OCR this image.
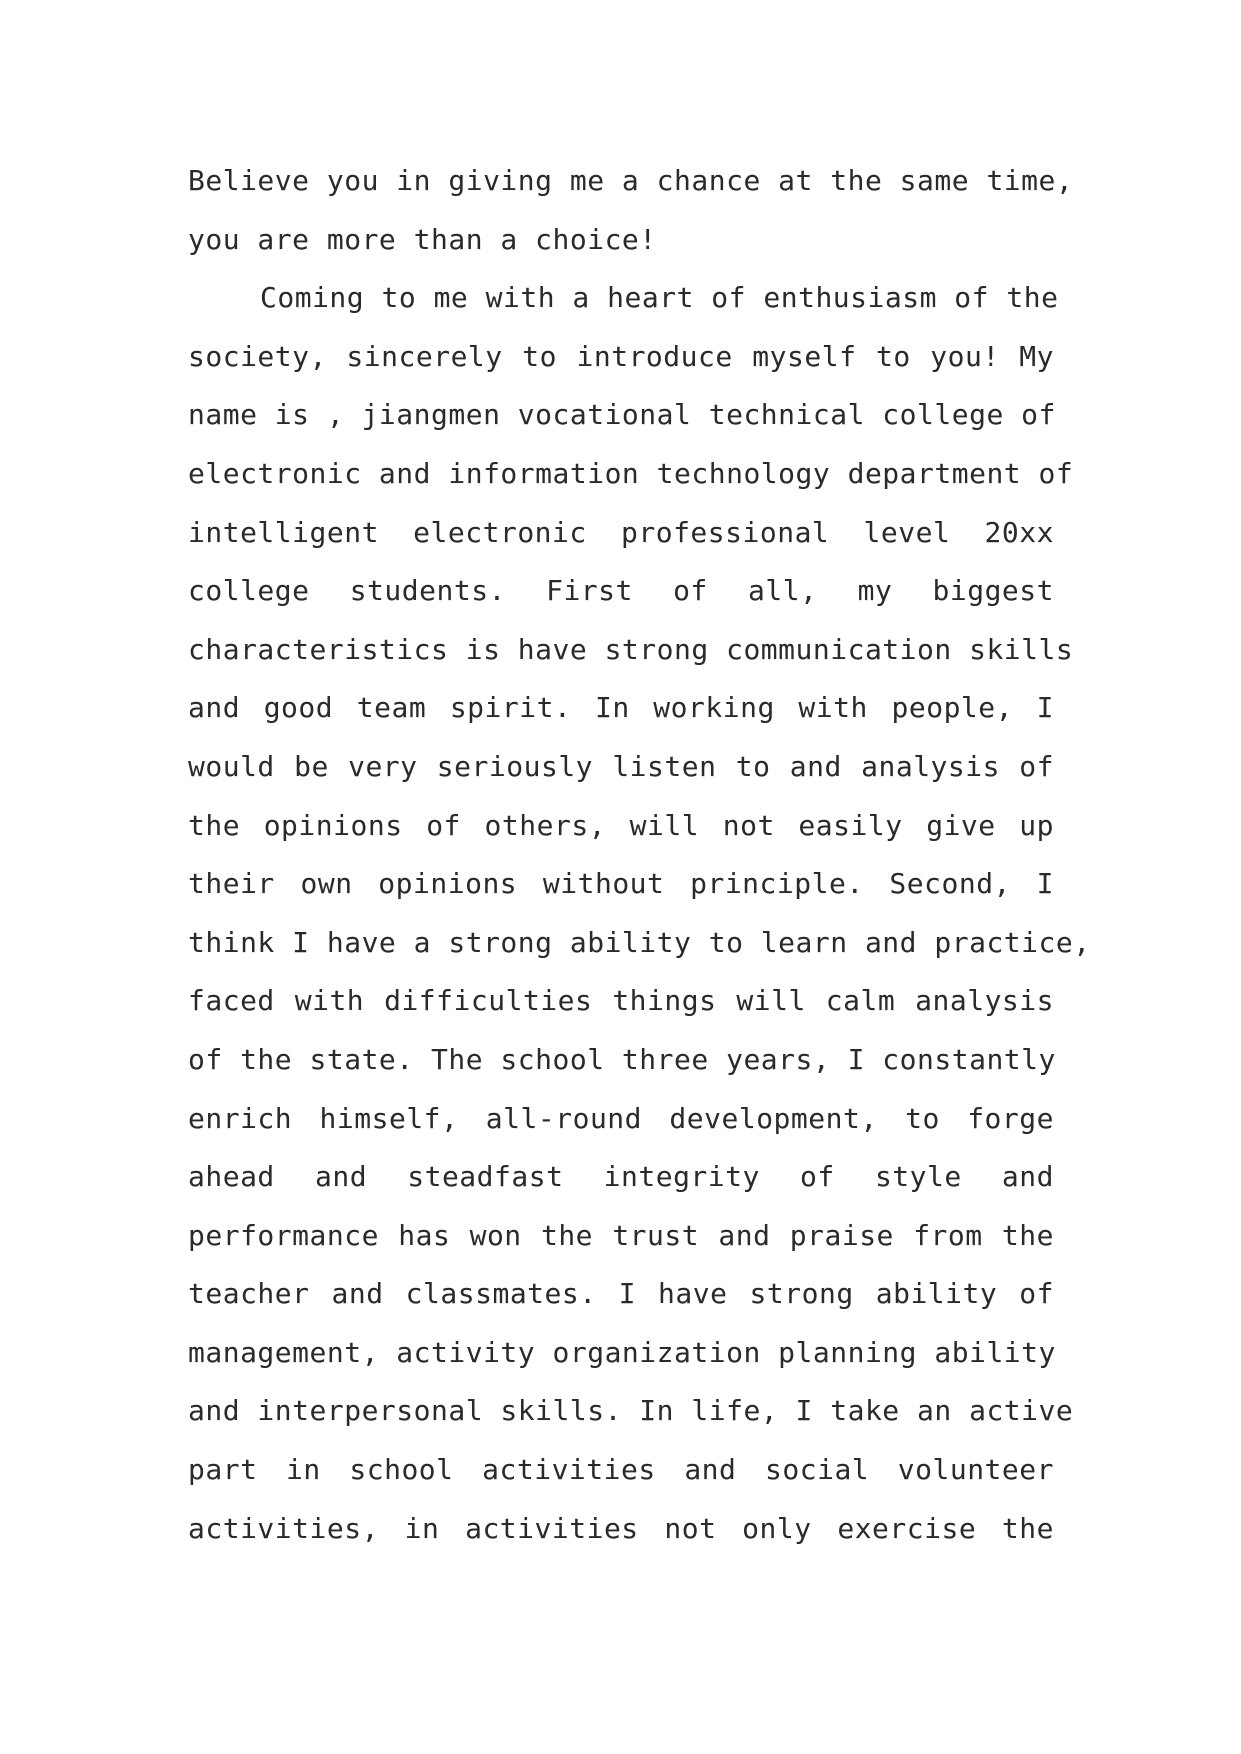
Believe you in giving me a chance at the same time,
you are more than a choice!
Coming to me with a heart of enthusiasm of the
society, sincerely to introduce myself to you! My
name is , jiangmen vocational technical college of
electronic and information technology department of
intelligent electronic professional level 20xx
college students. First of all, my biggest
characteristics is have strong communication skills
and good team spirit. In working with people, I
would be very seriously listen to and analysis of
the opinions of others, will not easily give up
their own opinions without principle. Second, I
think I have a strong ability to learn and practice,
faced with difficulties things will calm analysis
of the state. The school three years, I constantly
enrich himself, all-round development, to forge
ahead and steadfast integrity of style and
performance has won the trust and praise from the
teacher and classmates. I have strong ability of
management, activity organization planning ability
and interpersonal skills. In life, I take an active
part in school activities and social volunteer
activities, in activities not only exercise the
